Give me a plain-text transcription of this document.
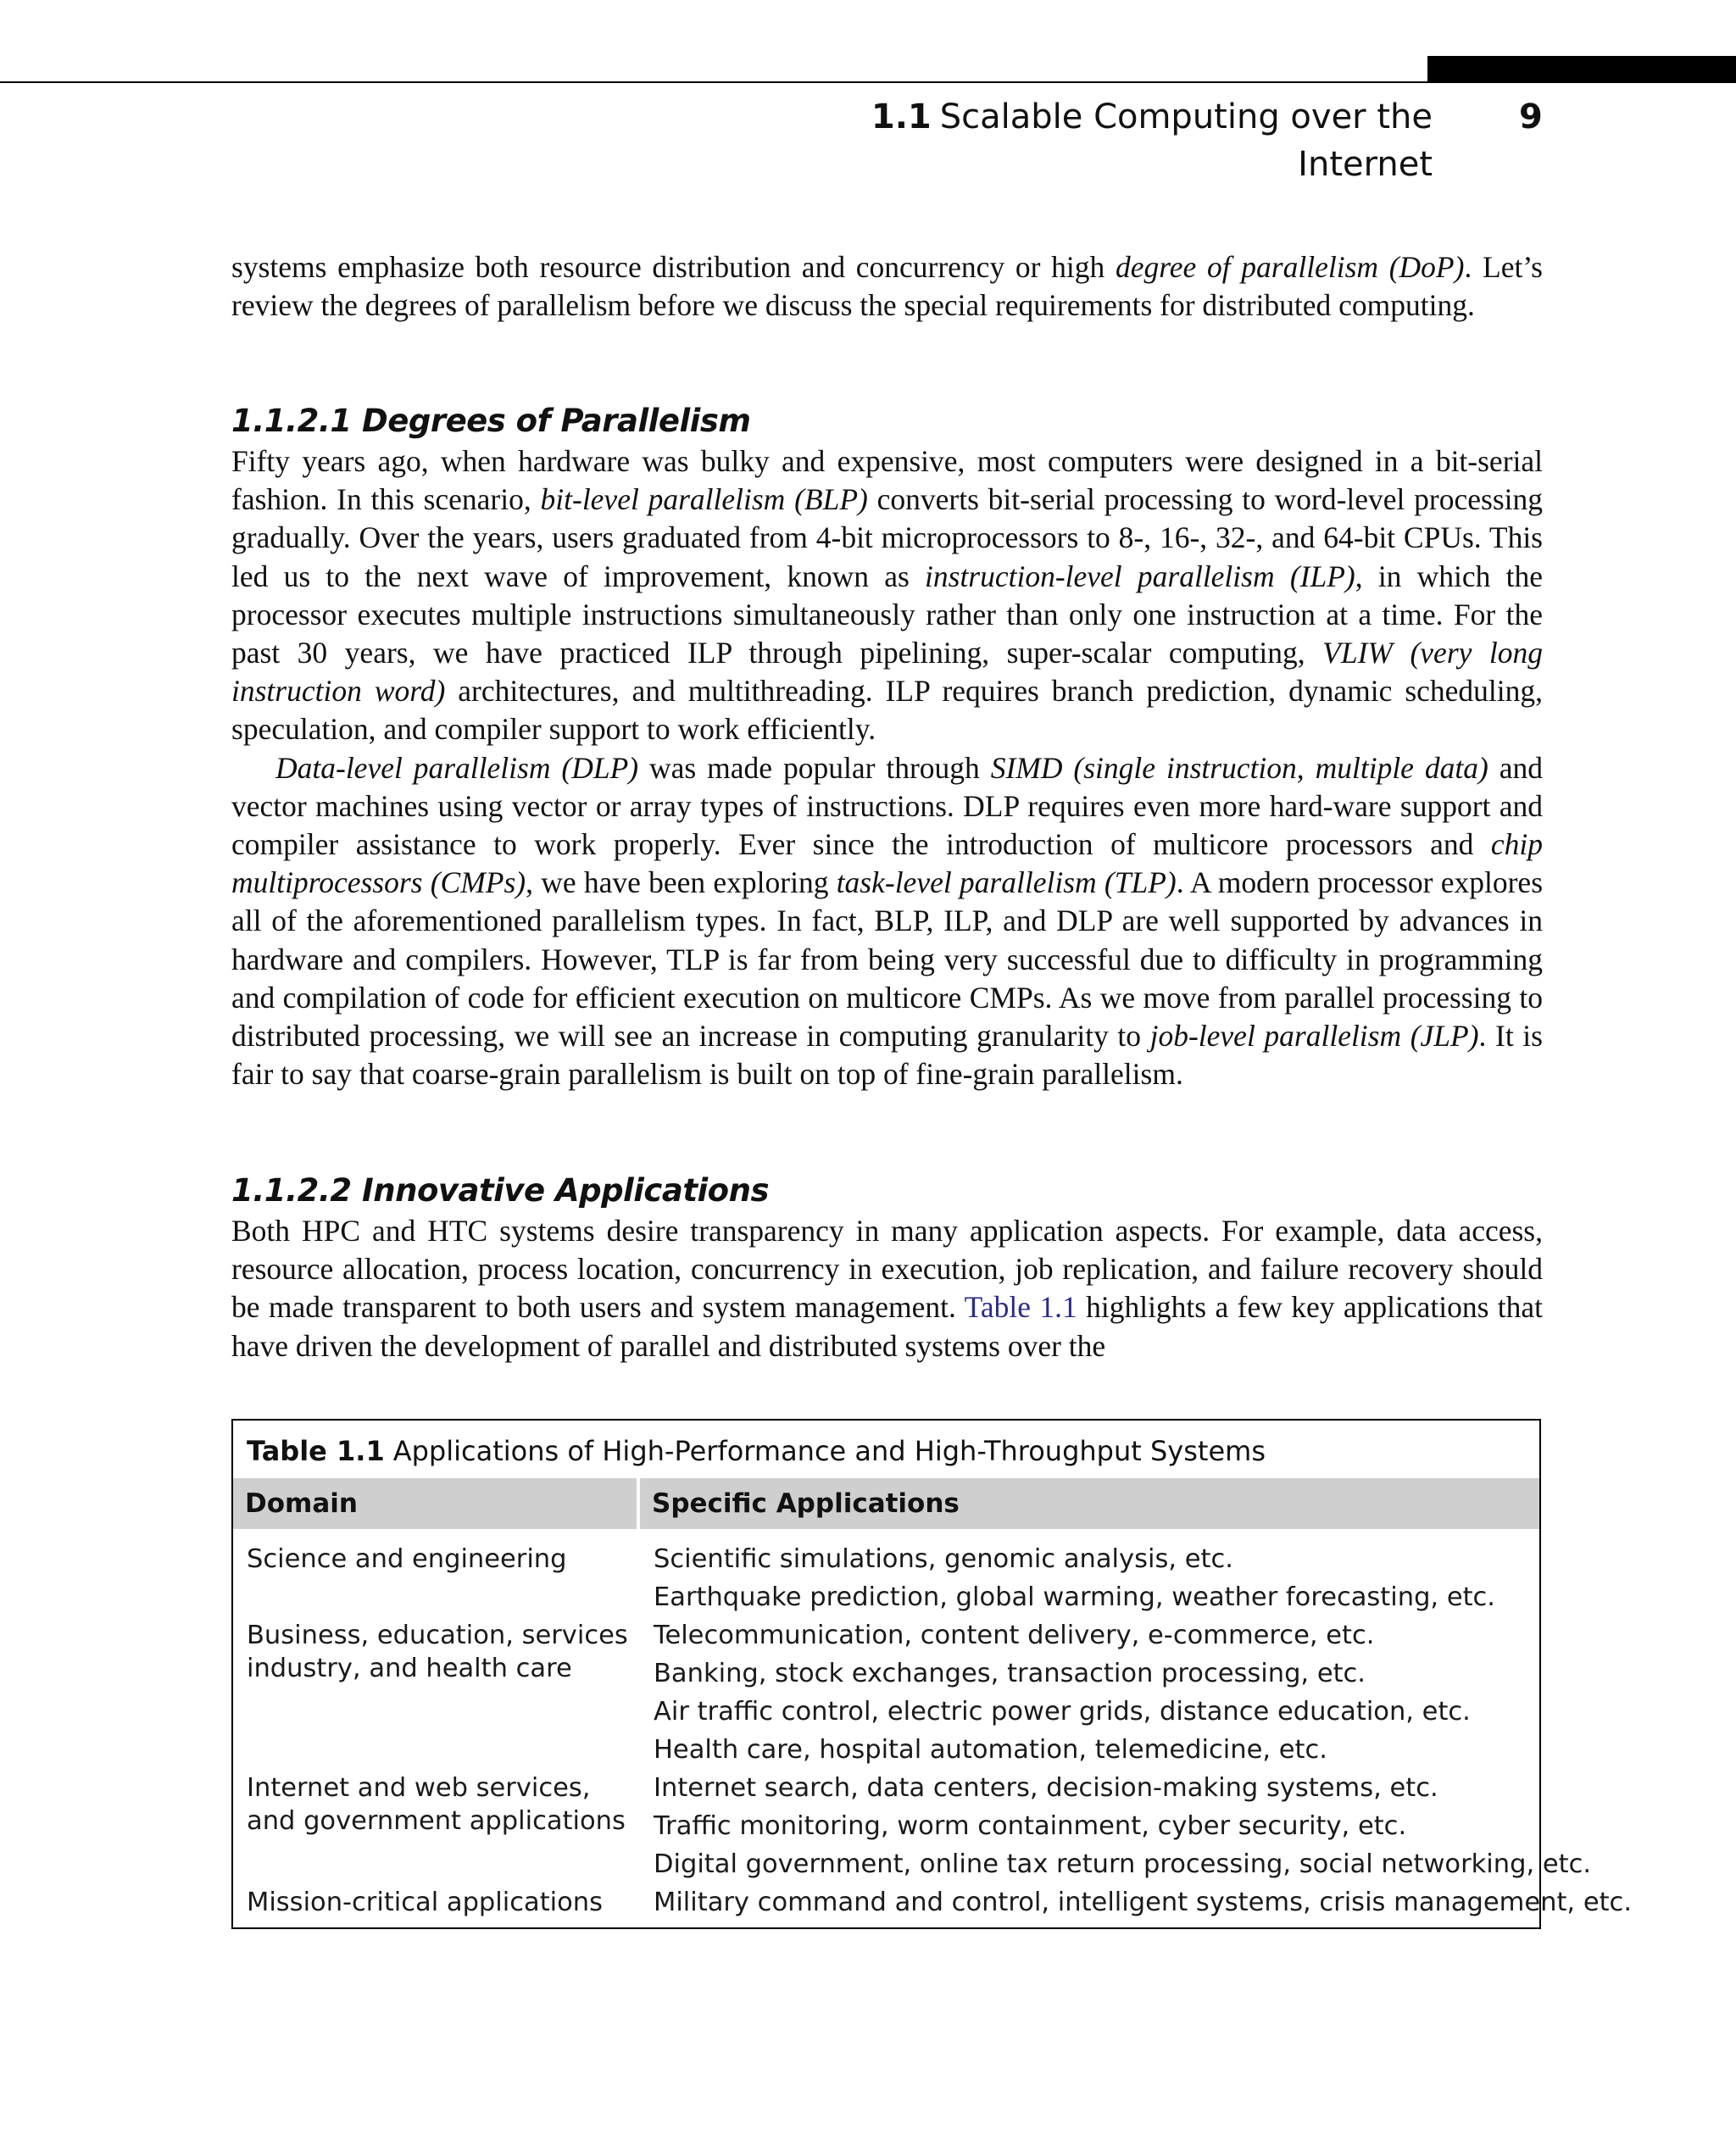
1.1 Scalable Computing over the Internet
9

systems emphasize both resource distribution and concurrency or high degree of parallelism (DoP). Let’s review the degrees of parallelism before we discuss the special requirements for distributed computing.

1.1.2.1 Degrees of Parallelism

Fifty years ago, when hardware was bulky and expensive, most computers were designed in a bit-serial fashion. In this scenario, bit-level parallelism (BLP) converts bit-serial processing to word-level processing gradually. Over the years, users graduated from 4-bit microprocessors to 8-, 16-, 32-, and 64-bit CPUs. This led us to the next wave of improvement, known as instruction-level parallelism (ILP), in which the processor executes multiple instructions simultaneously rather than only one instruction at a time. For the past 30 years, we have practiced ILP through pipelining, super-scalar computing, VLIW (very long instruction word) architectures, and multithreading. ILP requires branch prediction, dynamic scheduling, speculation, and compiler support to work efficiently.

Data-level parallelism (DLP) was made popular through SIMD (single instruction, multiple data) and vector machines using vector or array types of instructions. DLP requires even more hard-ware support and compiler assistance to work properly. Ever since the introduction of multicore processors and chip multiprocessors (CMPs), we have been exploring task-level parallelism (TLP). A modern processor explores all of the aforementioned parallelism types. In fact, BLP, ILP, and DLP are well supported by advances in hardware and compilers. However, TLP is far from being very successful due to difficulty in programming and compilation of code for efficient execution on multicore CMPs. As we move from parallel processing to distributed processing, we will see an increase in computing granularity to job-level parallelism (JLP). It is fair to say that coarse-grain parallelism is built on top of fine-grain parallelism.

1.1.2.2 Innovative Applications

Both HPC and HTC systems desire transparency in many application aspects. For example, data access, resource allocation, process location, concurrency in execution, job replication, and failure recovery should be made transparent to both users and system management. Table 1.1 highlights a few key applications that have driven the development of parallel and distributed systems over the

Table 1.1 Applications of High-Performance and High-Throughput Systems
Domain	Specific Applications
Science and engineering
Business, education, services industry, and health care
Internet and web services, and government applications
Mission-critical applications
Scientific simulations, genomic analysis, etc.
Earthquake prediction, global warming, weather forecasting, etc.
Telecommunication, content delivery, e-commerce, etc.
Banking, stock exchanges, transaction processing, etc.
Air traffic control, electric power grids, distance education, etc.
Health care, hospital automation, telemedicine, etc.
Internet search, data centers, decision-making systems, etc.
Traffic monitoring, worm containment, cyber security, etc.
Digital government, online tax return processing, social networking, etc.
Military command and control, intelligent systems, crisis management, etc.
